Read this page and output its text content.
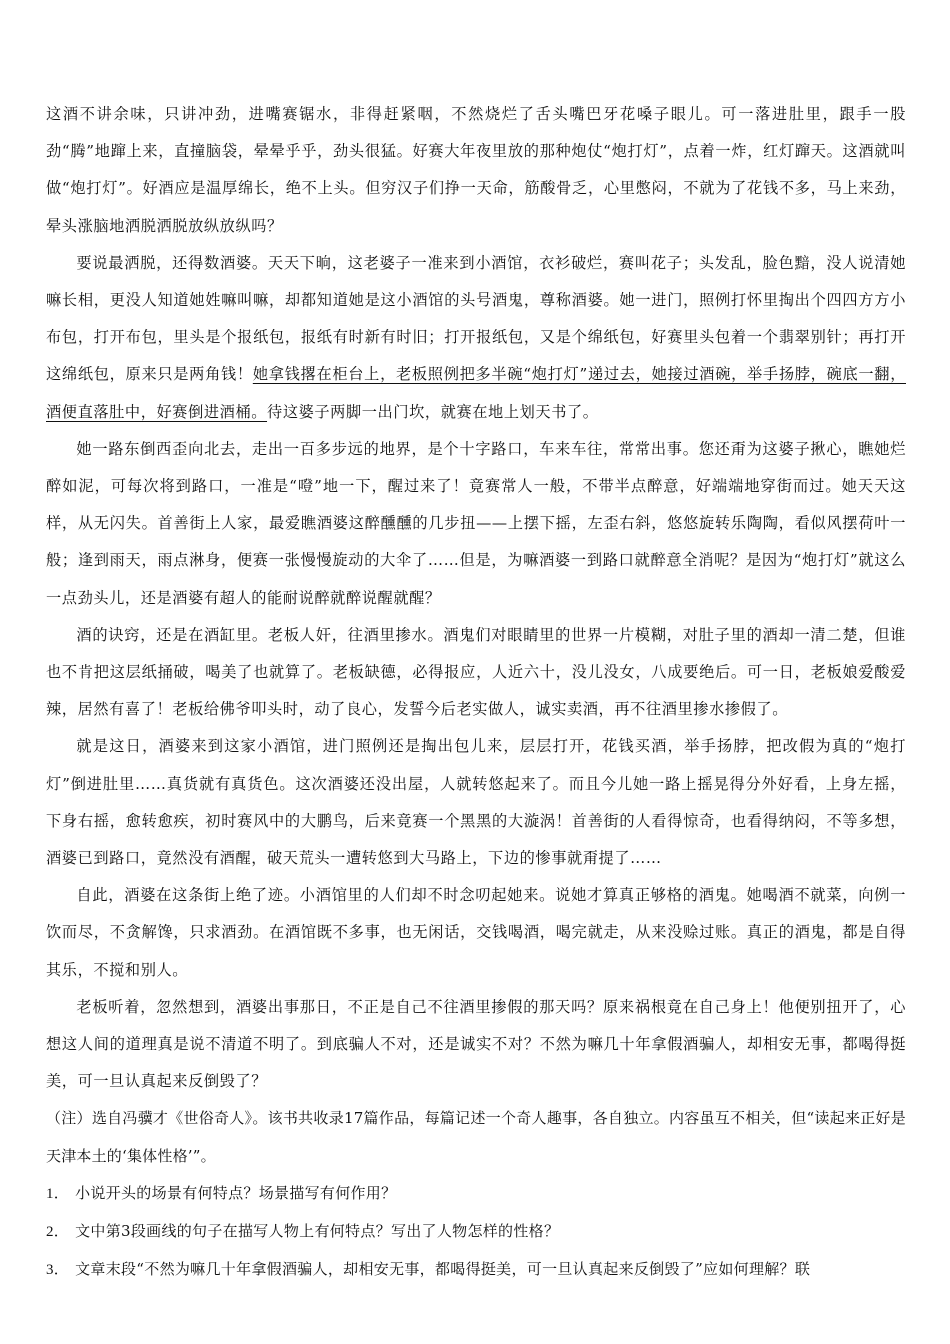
这酒不讲余味，只讲冲劲，进嘴赛锯水，非得赶紧咽，不然烧烂了舌头嘴巴牙花嗓子眼儿。可一落进肚里，跟手一股劲“腾”地蹿上来，直撞脑袋，晕晕乎乎，劲头很猛。好赛大年夜里放的那种炮仗“炮打灯”，点着一炸，红灯蹿天。这酒就叫做“炮打灯”。好酒应是温厚绵长，绝不上头。但穷汉子们挣一天命，筋酸骨乏，心里憋闷，不就为了花钱不多，马上来劲，晕头涨脑地洒脱洒脱放纵放纵吗？

要说最洒脱，还得数酒婆。天天下晌，这老婆子一准来到小酒馆，衣衫破烂，赛叫花子；头发乱，脸色黯，没人说清她嘛长相，更没人知道她姓嘛叫嘛，却都知道她是这小酒馆的头号酒鬼，尊称酒婆。她一进门，照例打怀里掏出个四四方方小布包，打开布包，里头是个报纸包，报纸有时新有时旧；打开报纸包，又是个绵纸包，好赛里头包着一个翡翠别针；再打开这绵纸包，原来只是两角钱！她拿钱撂在柜台上，老板照例把多半碗“炮打灯”递过去，她接过酒碗，举手扬脖，碗底一翻，酒便直落肚中，好赛倒进酒桶。待这婆子两脚一出门坎，就赛在地上划天书了。

她一路东倒西歪向北去，走出一百多步远的地界，是个十字路口，车来车往，常常出事。您还甭为这婆子揪心，瞧她烂醉如泥，可每次将到路口，一准是“噔”地一下，醒过来了！竟赛常人一般，不带半点醉意，好端端地穿街而过。她天天这样，从无闪失。首善街上人家，最爱瞧酒婆这醉醺醺的几步扭——上摆下摇，左歪右斜，悠悠旋转乐陶陶，看似风摆荷叶一般；逢到雨天，雨点淋身，便赛一张慢慢旋动的大伞了……但是，为嘛酒婆一到路口就醉意全消呢？是因为“炮打灯”就这么一点劲头儿，还是酒婆有超人的能耐说醉就醉说醒就醒？

酒的诀窍，还是在酒缸里。老板人奸，往酒里掺水。酒鬼们对眼睛里的世界一片模糊，对肚子里的酒却一清二楚，但谁也不肯把这层纸捅破，喝美了也就算了。老板缺德，必得报应，人近六十，没儿没女，八成要绝后。可一日，老板娘爱酸爱辣，居然有喜了！老板给佛爷叩头时，动了良心，发誓今后老实做人，诚实卖酒，再不往酒里掺水掺假了。

就是这日，酒婆来到这家小酒馆，进门照例还是掏出包儿来，层层打开，花钱买酒，举手扬脖，把改假为真的“炮打灯”倒进肚里……真货就有真货色。这次酒婆还没出屋，人就转悠起来了。而且今儿她一路上摇晃得分外好看，上身左摇，下身右摇，愈转愈疾，初时赛风中的大鹏鸟，后来竟赛一个黑黑的大漩涡！首善街的人看得惊奇，也看得纳闷，不等多想，酒婆已到路口，竟然没有酒醒，破天荒头一遭转悠到大马路上，下边的惨事就甭提了……

自此，酒婆在这条街上绝了迹。小酒馆里的人们却不时念叨起她来。说她才算真正够格的酒鬼。她喝酒不就菜，向例一饮而尽，不贪解馋，只求酒劲。在酒馆既不多事，也无闲话，交钱喝酒，喝完就走，从来没赊过账。真正的酒鬼，都是自得其乐，不搅和别人。

老板听着，忽然想到，酒婆出事那日，不正是自己不往酒里掺假的那天吗？原来祸根竟在自己身上！他便别扭开了，心想这人间的道理真是说不清道不明了。到底骗人不对，还是诚实不对？不然为嘛几十年拿假酒骗人，却相安无事，都喝得挺美，可一旦认真起来反倒毁了？

（注）选自冯骥才《世俗奇人》。该书共收录17篇作品，每篇记述一个奇人趣事，各自独立。内容虽互不相关，但“读起来正好是天津本土的‘集体性格’”。

1． 小说开头的场景有何特点？场景描写有何作用？

2． 文中第3段画线的句子在描写人物上有何特点？写出了人物怎样的性格？

3． 文章末段“不然为嘛几十年拿假酒骗人，却相安无事，都喝得挺美，可一旦认真起来反倒毁了”应如何理解？联
